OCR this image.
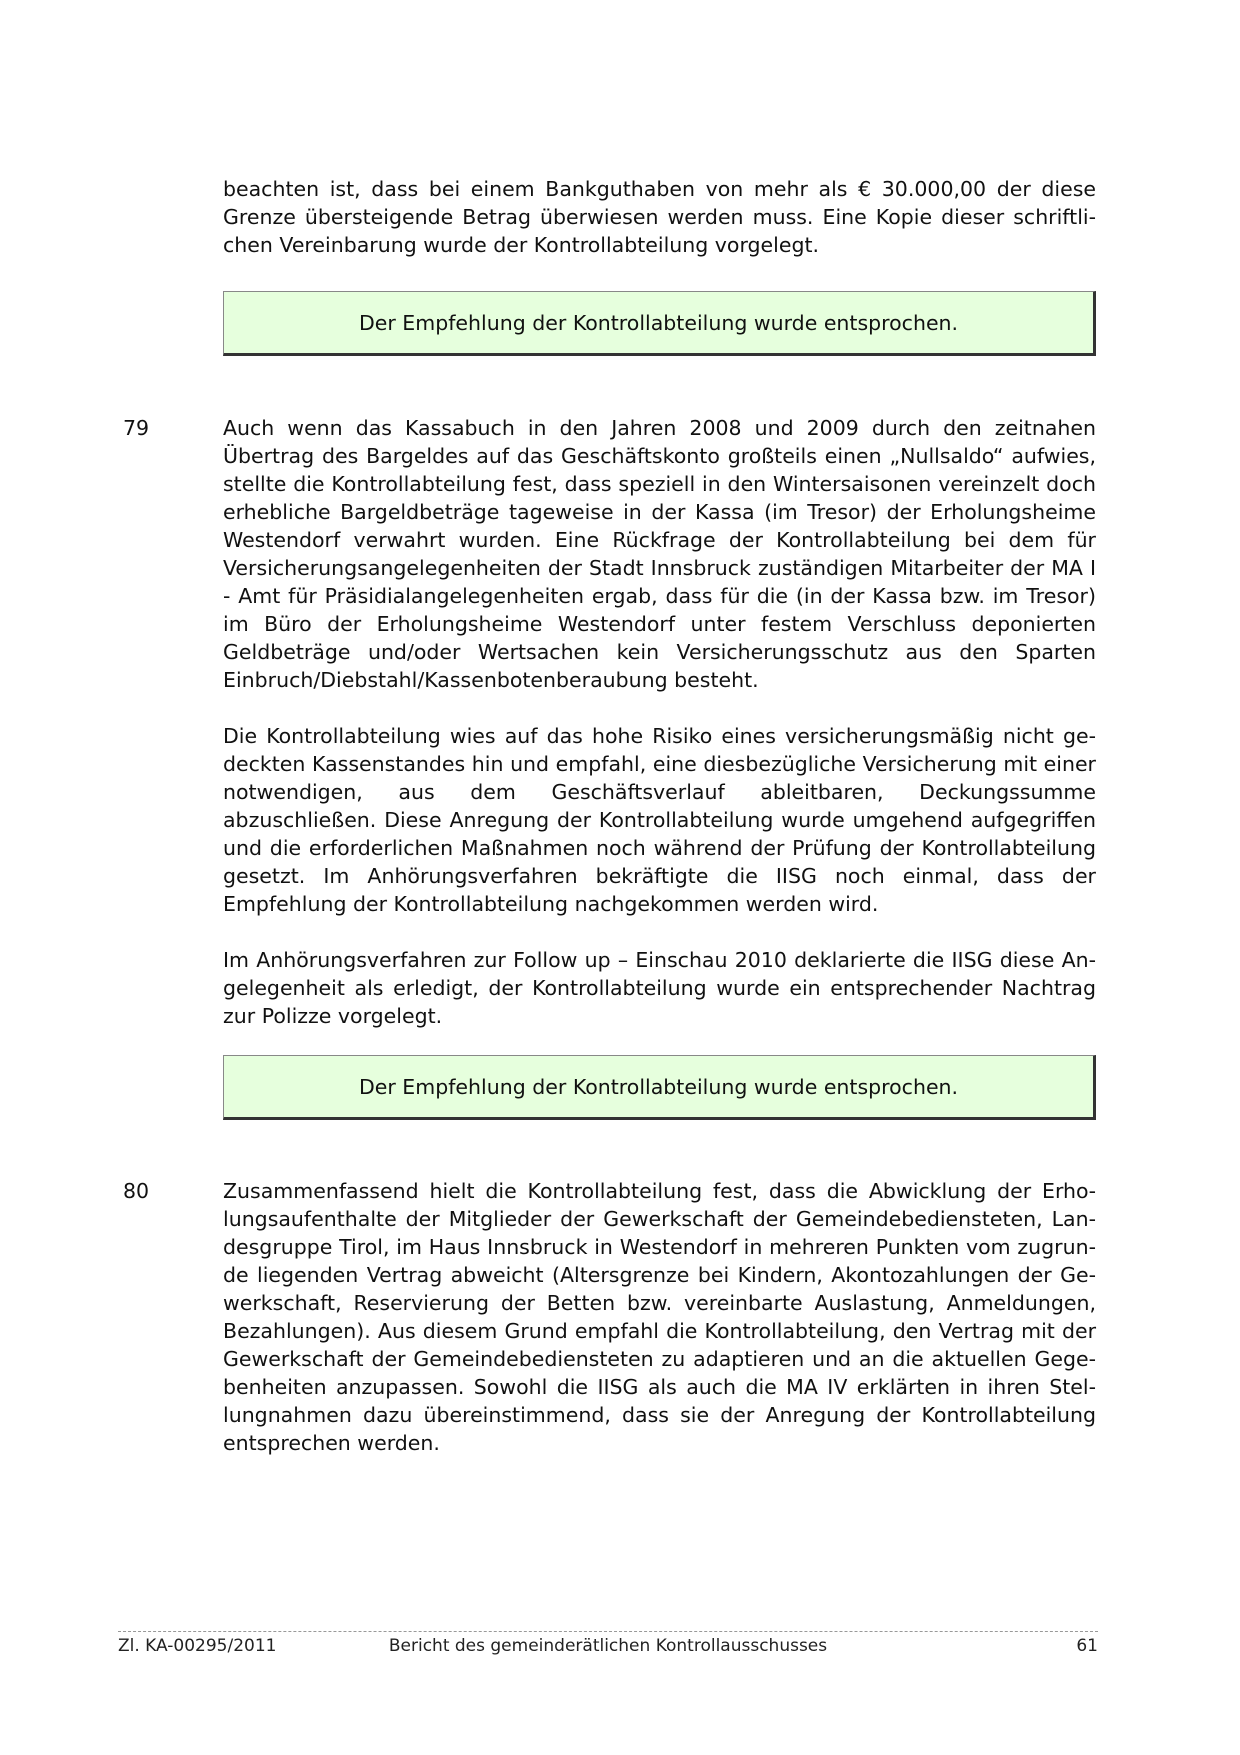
beachten ist, dass bei einem Bankguthaben von mehr als € 30.000,00 der diese Grenze übersteigende Betrag überwiesen werden muss. Eine Kopie dieser schriftlichen Vereinbarung wurde der Kontrollabteilung vorgelegt.

Der Empfehlung der Kontrollabteilung wurde entsprochen.
79	Auch wenn das Kassabuch in den Jahren 2008 und 2009 durch den zeitnahen Übertrag des Bargeldes auf das Geschäftskonto großteils einen „Nullsaldo“ aufwies, stellte die Kontrollabteilung fest, dass speziell in den Wintersaisonen vereinzelt doch erhebliche Bargeldbeträge tageweise in der Kassa (im Tresor) der Erholungsheime Westendorf verwahrt wurden. Eine Rückfrage der Kontrollabteilung bei dem für Versicherungsangelegenheiten der Stadt Innsbruck zuständigen Mitarbeiter der MA I - Amt für Präsidialangelegenheiten ergab, dass für die (in der Kassa bzw. im Tresor) im Büro der Erholungsheime Westendorf unter festem Verschluss deponierten Geldbeträge und/oder Wertsachen kein Versicherungsschutz aus den Sparten Einbruch/Diebstahl/Kassenbotenberaubung besteht.

Die Kontrollabteilung wies auf das hohe Risiko eines versicherungsmäßig nicht gedeckten Kassenstandes hin und empfahl, eine diesbezügliche Versicherung mit einer notwendigen, aus dem Geschäftsverlauf ableitbaren, Deckungssumme abzuschließen. Diese Anregung der Kontrollabteilung wurde umgehend aufgegriffen und die erforderlichen Maßnahmen noch während der Prüfung der Kontrollabteilung gesetzt. Im Anhörungsverfahren bekräftigte die IISG noch einmal, dass der Empfehlung der Kontrollabteilung nachgekommen werden wird.

Im Anhörungsverfahren zur Follow up – Einschau 2010 deklarierte die IISG diese Angelegenheit als erledigt, der Kontrollabteilung wurde ein entsprechender Nachtrag zur Polizze vorgelegt.

Der Empfehlung der Kontrollabteilung wurde entsprochen.
80	Zusammenfassend hielt die Kontrollabteilung fest, dass die Abwicklung der Erholungsaufenthalte der Mitglieder der Gewerkschaft der Gemeindebediensteten, Landesgruppe Tirol, im Haus Innsbruck in Westendorf in mehreren Punkten vom zugrunde liegenden Vertrag abweicht (Altersgrenze bei Kindern, Akontozahlungen der Gewerkschaft, Reservierung der Betten bzw. vereinbarte Auslastung, Anmeldungen, Bezahlungen). Aus diesem Grund empfahl die Kontrollabteilung, den Vertrag mit der Gewerkschaft der Gemeindebediensteten zu adaptieren und an die aktuellen Gegebenheiten anzupassen. Sowohl die IISG als auch die MA IV erklärten in ihren Stellungnahmen dazu übereinstimmend, dass sie der Anregung der Kontrollabteilung entsprechen werden.

Zl. KA-00295/2011	Bericht des gemeinderätlichen Kontrollausschusses	61
